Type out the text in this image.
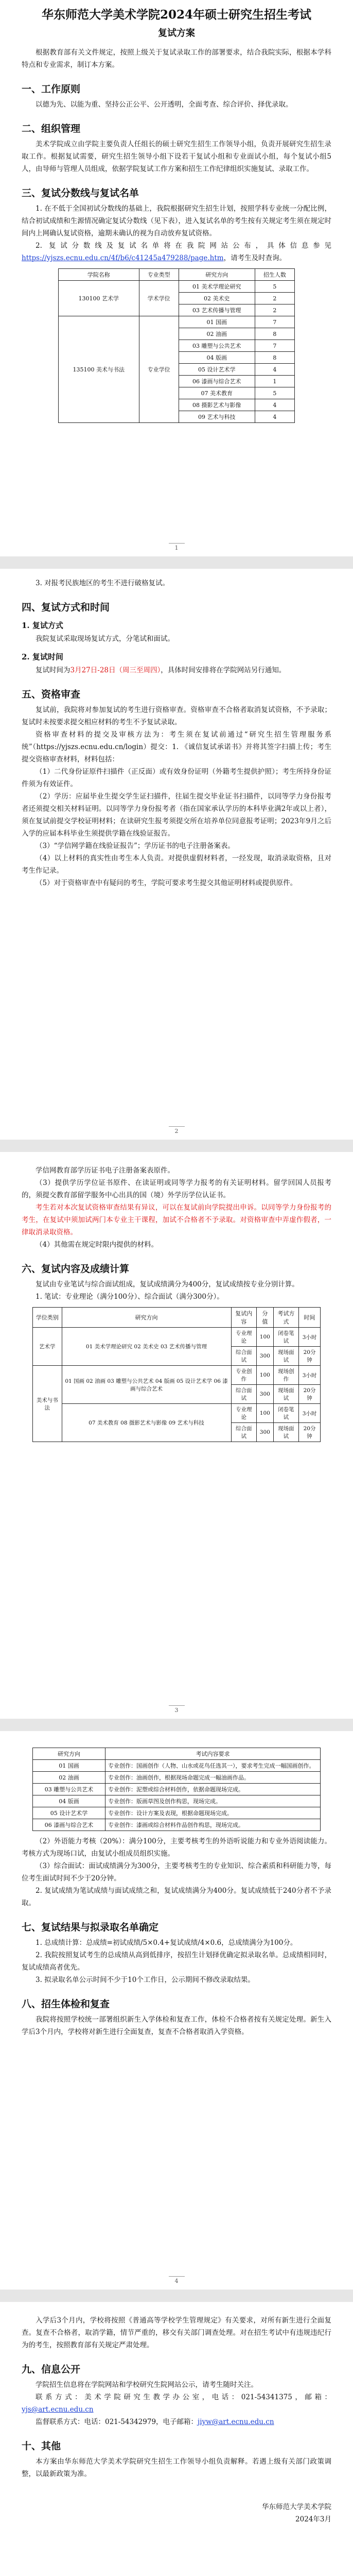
华东师范大学美术学院2024年硕士研究生招生考试
复试方案

根据教育部有关文件规定，按照上级关于复试录取工作的部署要求，结合我院实际，根据本学科特点和专业需求，制订本方案。

一、工作原则

以德为先、以能为重、坚持公正公平、公开透明，全面考查、综合评价、择优录取。

二、组织管理

美术学院成立由学院主要负责人任组长的硕士研究生招生工作领导小组，负责开展研究生招生录取工作。根据复试需要，研究生招生领导小组下设若干复试小组和专业面试小组，每个复试小组5人，由导师与管理人员组成，依据学院复试工作方案和招生工作纪律组织实施复试、录取工作。

三、复试分数线与复试名单

1. 在不低于全国初试分数线的基础上，我院根据研究生招生计划，按照学科专业统一分配比例，结合初试成绩和生源情况确定复试分数线（见下表），进入复试名单的考生按有关规定考生须在规定时间内上网确认复试资格，逾期未确认的视为自动放弃复试资格。

2. 复试分数线及复试名单将在我院网站公布，具体信息参见https://yjszs.ecnu.edu.cn/4f/b6/c41245a479288/page.htm，请考生及时查询。

学院名称	专业类型	研究方向	招生人数
130100 艺术学	学术学位	01 美术学理论研究	5
		02 美术史	2
		03 艺术传播与管理	2
135100 美术与书法	专业学位	01 国画	7
		02 油画	8
		03 雕塑与公共艺术	7
		04 版画	8
		05 设计艺术学	4
		06 漆画与综合艺术	1
		07 美术教育	5
		08 摄影艺术与影像	4
		09 艺术与科技	4
1

3. 对报考民族地区的考生不进行破格复试。

四、复试方式和时间
1. 复试方式

我院复试采取现场复试方式，分笔试和面试。

2. 复试时间

复试时间为3月27日-28日（周三至周四），具体时间安排将在学院网站另行通知。

五、资格审查

复试前，我院将对参加复试的考生进行资格审查。资格审查不合格者取消复试资格，不予录取；复试时未按要求提交相应材料的考生不予复试录取。

资格审查材料的提交及审核方法为：考生须在复试前通过“研究生招生管理服务系统”（https://yjszs.ecnu.edu.cn/login）提交：1. 《诚信复试承诺书》并将其签字扫描上传；考生提交资格审查材料，材料包括：

（1）二代身份证原件扫描件（正反面）或有效身份证明（外籍考生提供护照）；考生所持身份证件须为有效证件。

（2）学历：应届毕业生提交学生证扫描件，往届生提交毕业证书扫描件，以同等学力身份报考者还须提交相关材料证明。以同等学力身份报考者（指在国家承认学历的本科毕业满2年或以上者），须在复试前提交学校证明材料；在读研究生报考须提交所在培养单位同意报考证明；2023年9月之后入学的应届本科毕业生须提供学籍在线验证报告。

（3）“学信网学籍在线验证报告”；学历证书的电子注册备案表。

（4）以上材料的真实性由考生本人负责。对提供虚假材料者，一经发现，取消录取资格，且对考生作记录。

（5）对于资格审查中有疑问的考生，学院可要求考生提交其他证明材料或提供原件。

2

学信网教育部学历证书电子注册备案表原件。

（3）提供学历学位证书原件、在读证明或同等学力报考的有关证明材料。留学回国人员报考的，须提交教育部留学服务中心出具的国（境）外学历学位认证书。

考生若对本次复试资格审查结果有异议，可以在复试前向学院提出申诉。以同等学力身份报考的考生，在复试中须加试两门本专业主干课程，加试不合格者不予录取。对资格审查中弄虚作假者，一律取消录取资格。

（4）其他需在规定时限内提供的材料。

六、复试内容及成绩计算

复试由专业笔试与综合面试组成，复试成绩满分为400分，复试成绩按专业分别计算。

1. 笔试：专业理论（满分100分）、综合面试（满分300分）。

学位类别	研究方向	复试内容	分值	考试方式	时间
艺术学	01 美术学理论研究 02 美术史 03 艺术传播与管理	专业理论	100	闭卷笔试	3小时
		综合面试	300	现场面试	20分钟
美术与书法	01 国画 02 油画 03 雕塑与公共艺术 04 版画 05 设计艺术学 06 漆画与综合艺术	专业创作	100	现场创作	3小时
		综合面试	300	现场面试	20分钟
	07 美术教育 08 摄影艺术与影像 09 艺术与科技	专业理论	100	闭卷笔试	3小时
		综合面试	300	现场面试	20分钟
3
研究方向	考试内容要求
01 国画	专业创作：国画创作（人物、山水或花鸟任选其一），要求考生完成一幅国画创作。
02 油画	专业创作：油画创作，根据现场命题完成一幅油画作品。
03 雕塑与公共艺术	专业创作：泥塑或综合材料创作，依据命题现场完成。
04 版画	专业创作：版画草图及创作构思，现场完成。
05 设计艺术学	专业创作：设计方案及表现，根据命题现场完成。
06 漆画与综合艺术	专业创作：漆画或综合材料作品创作构思，现场完成。

（2）外语能力考核（20%）：满分100分，主要考核考生的外语听说能力和专业外语阅读能力。考核方式为现场口试，由复试小组成员组织实施。

（3）综合面试：面试成绩满分为300分，主要考核考生的专业知识、综合素质和科研能力等，每位考生面试时间不少于20分钟。

2. 复试成绩为笔试成绩与面试成绩之和，复试成绩满分为400分。复试成绩低于240分者不予录取。

七、复试结果与拟录取名单确定

1. 总成绩计算：总成绩=初试成绩/5×0.4+复试成绩/4×0.6，总成绩满分为100分。

2. 我院按照复试考生的总成绩从高到低排序，按招生计划择优确定拟录取名单。总成绩相同时，复试成绩高者优先。

3. 拟录取名单公示时间不少于10个工作日，公示期间不修改录取结果。

八、招生体检和复查

我院将按照学校统一部署组织新生入学体检和复查工作，体检不合格者按有关规定处理。新生入学后3个月内，学校将对新生进行全面复查，复查不合格者取消入学资格。

4

入学后3个月内，学校将按照《普通高等学校学生管理规定》有关要求，对所有新生进行全面复查。复查不合格者，取消学籍，情节严重的，移交有关部门调查处理。对在招生考试中有违规违纪行为的考生，按照教育部有关规定严肃处理。

九、信息公开

学院招生信息将在学院网站和学校研究生院网站公示，请考生随时关注。

联系方式：美术学院研究生教学办公室，电话：021-54341375，邮箱：yjs@art.ecnu.edu.cn

监督联系方式：电话：021-54342979，电子邮箱：jiyw@art.ecnu.edu.cn

十、其他

本方案由华东师范大学美术学院研究生招生工作领导小组负责解释。若遇上级有关部门政策调整，以最新政策为准。

华东师范大学美术学院
2024年3月
